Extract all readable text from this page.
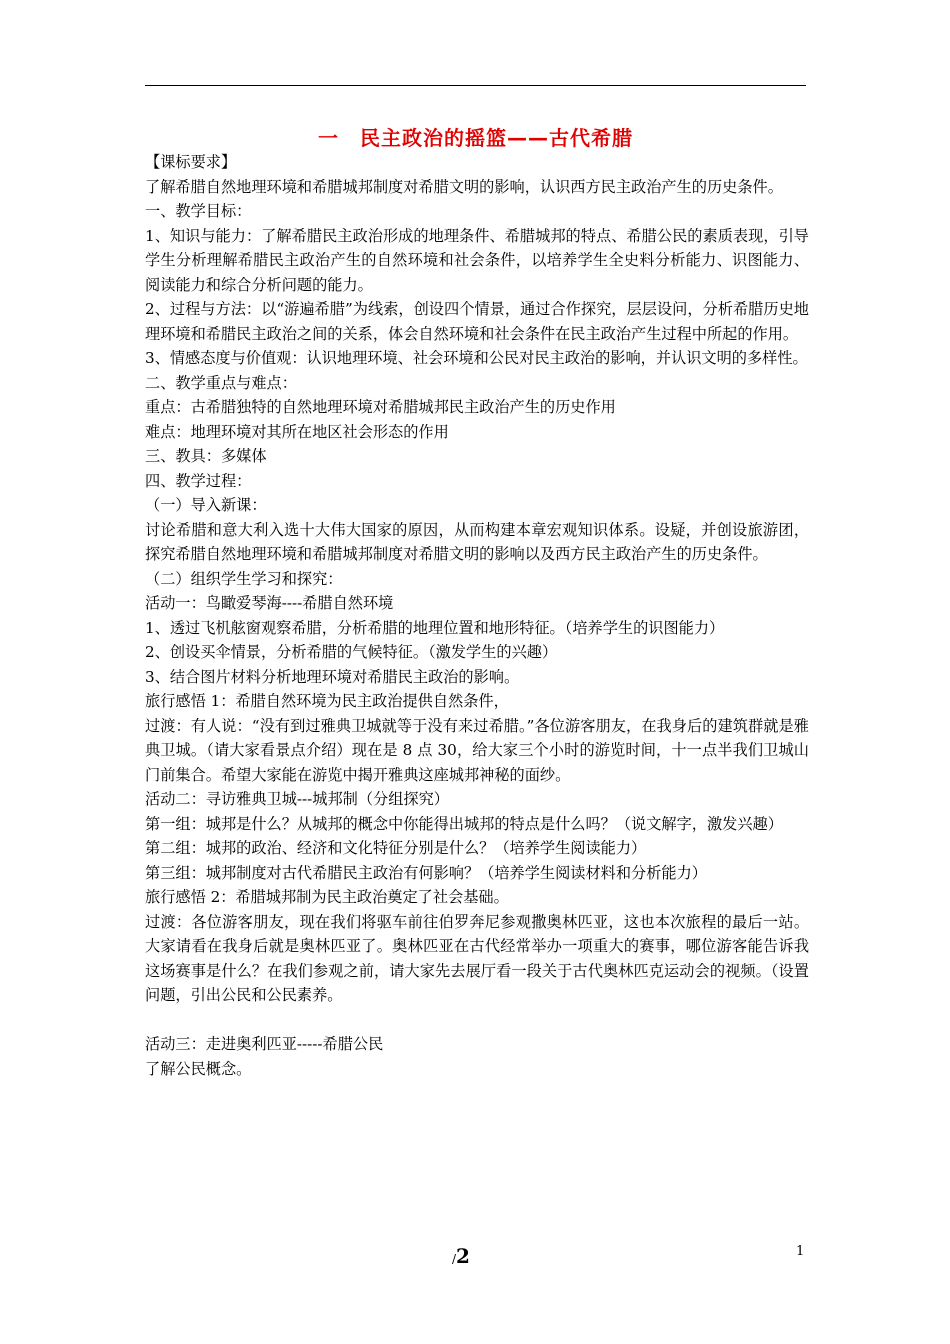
一　民主政治的摇篮——古代希腊

【课标要求】

了解希腊自然地理环境和希腊城邦制度对希腊文明的影响，认识西方民主政治产生的历史条件。

一、教学目标：

1、知识与能力：了解希腊民主政治形成的地理条件、希腊城邦的特点、希腊公民的素质表现，引导学生分析理解希腊民主政治产生的自然环境和社会条件，以培养学生全史料分析能力、识图能力、阅读能力和综合分析问题的能力。

2、过程与方法：以“游遍希腊”为线索，创设四个情景，通过合作探究，层层设问，分析希腊历史地理环境和希腊民主政治之间的关系，体会自然环境和社会条件在民主政治产生过程中所起的作用。

3、情感态度与价值观：认识地理环境、社会环境和公民对民主政治的影响，并认识文明的多样性。

二、教学重点与难点：

重点：古希腊独特的自然地理环境对希腊城邦民主政治产生的历史作用

难点：地理环境对其所在地区社会形态的作用

三、教具：多媒体

四、教学过程：

（一）导入新课：

讨论希腊和意大利入选十大伟大国家的原因，从而构建本章宏观知识体系。设疑，并创设旅游团，探究希腊自然地理环境和希腊城邦制度对希腊文明的影响以及西方民主政治产生的历史条件。

（二）组织学生学习和探究：

活动一：鸟瞰爱琴海----希腊自然环境

1、透过飞机舷窗观察希腊，分析希腊的地理位置和地形特征。（培养学生的识图能力）

2、创设买伞情景，分析希腊的气候特征。（激发学生的兴趣）

3、结合图片材料分析地理环境对希腊民主政治的影响。

旅行感悟 1：希腊自然环境为民主政治提供自然条件，

过渡：有人说：“没有到过雅典卫城就等于没有来过希腊。”各位游客朋友，在我身后的建筑群就是雅典卫城。（请大家看景点介绍）现在是 8 点 30，给大家三个小时的游览时间，十一点半我们卫城山门前集合。希望大家能在游览中揭开雅典这座城邦神秘的面纱。

活动二：寻访雅典卫城---城邦制（分组探究）

第一组：城邦是什么？从城邦的概念中你能得出城邦的特点是什么吗？（说文解字，激发兴趣）

第二组：城邦的政治、经济和文化特征分别是什么？（培养学生阅读能力）

第三组：城邦制度对古代希腊民主政治有何影响？（培养学生阅读材料和分析能力）

旅行感悟 2：希腊城邦制为民主政治奠定了社会基础。

过渡：各位游客朋友，现在我们将驱车前往伯罗奔尼参观撒奥林匹亚，这也本次旅程的最后一站。大家请看在我身后就是奥林匹亚了。奥林匹亚在古代经常举办一项重大的赛事，哪位游客能告诉我这场赛事是什么？在我们参观之前，请大家先去展厅看一段关于古代奥林匹克运动会的视频。（设置问题，引出公民和公民素养。

活动三：走进奥利匹亚-----希腊公民

了解公民概念。

/2	1
